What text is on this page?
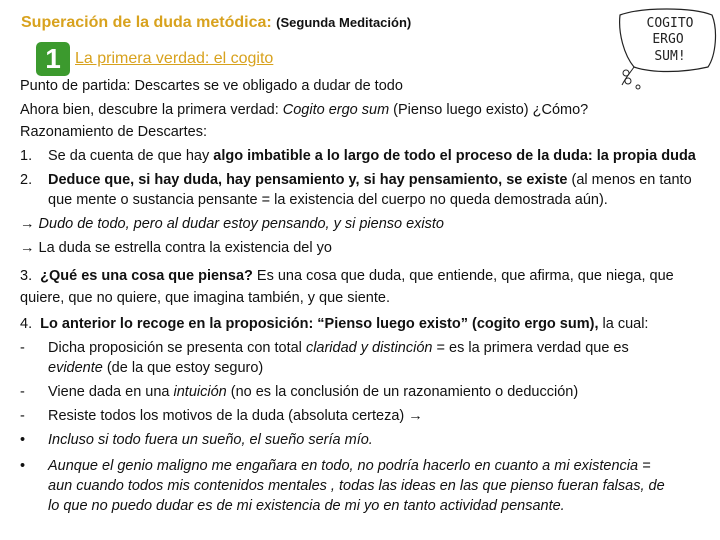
Superación de la duda metódica: (Segunda Meditación)
1 La primera verdad: el cogito
COGITO
ERGO
SUM!
Punto de partida: Descartes se ve obligado a dudar de todo
Ahora bien, descubre la primera verdad: Cogito ergo sum (Pienso luego existo) ¿Cómo?
Razonamiento de Descartes:
1. Se da cuenta de que hay algo imbatible a lo largo de todo el proceso de la duda: la propia duda
2. Deduce que, si hay duda, hay pensamiento y, si hay pensamiento, se existe (al menos en tanto
que mente o sustancia pensante = la existencia del cuerpo no queda demostrada aún).
→ Dudo de todo, pero al dudar estoy pensando, y si pienso existo
→ La duda se estrella contra la existencia del yo
3. ¿Qué es una cosa que piensa? Es una cosa que duda, que entiende, que afirma, que niega, que
quiere, que no quiere, que imagina también, y que siente.
4. Lo anterior lo recoge en la proposición: “Pienso luego existo” (cogito ergo sum), la cual:
- Dicha proposición se presenta con total claridad y distinción = es la primera verdad que es
evidente (de la que estoy seguro)
- Viene dada en una intuición (no es la conclusión de un razonamiento o deducción)
- Resiste todos los motivos de la duda (absoluta certeza) →
• Incluso si todo fuera un sueño, el sueño sería mío.
• Aunque el genio maligno me engañara en todo, no podría hacerlo en cuanto a mi existencia =
aun cuando todos mis contenidos mentales , todas las ideas en las que pienso fueran falsas, de
lo que no puedo dudar es de mi existencia de mi yo en tanto actividad pensante.
